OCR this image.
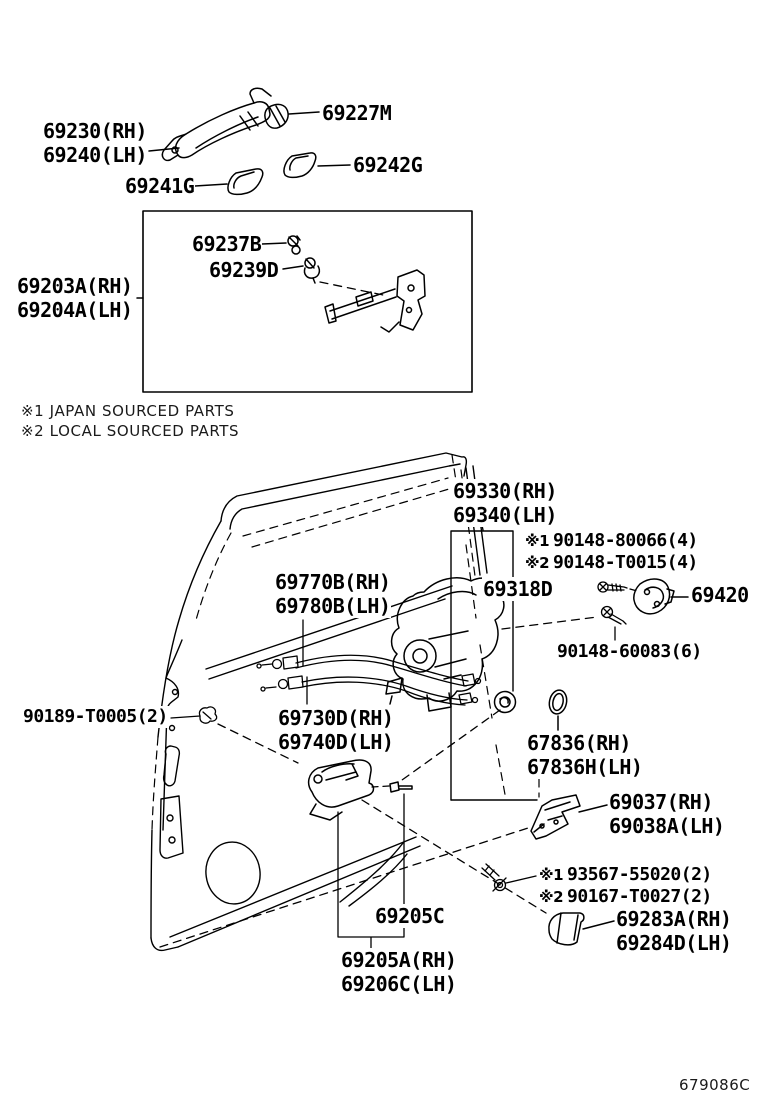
69230(RH)
69240(LH)
69227M
69242G
69241G
69237B
69239D
69203A(RH)
69204A(LH)
※1 JAPAN SOURCED PARTS
※2 LOCAL SOURCED PARTS
69330(RH)
69340(LH)
※1 90148-80066(4)
※2 90148-T0015(4)
69318D	69420
90148-60083(6)
69770B(RH)
69780B(LH)
90189-T0005(2)	69730D(RH)
69740D(LH)	67836(RH)
67836H(LH)
69037(RH)
69038A(LH)
※1 93567-55020(2)
※2 90167-T0027(2)
69283A(RH)
69284D(LH)
69205C
69205A(RH)
69206C(LH)
679086C
